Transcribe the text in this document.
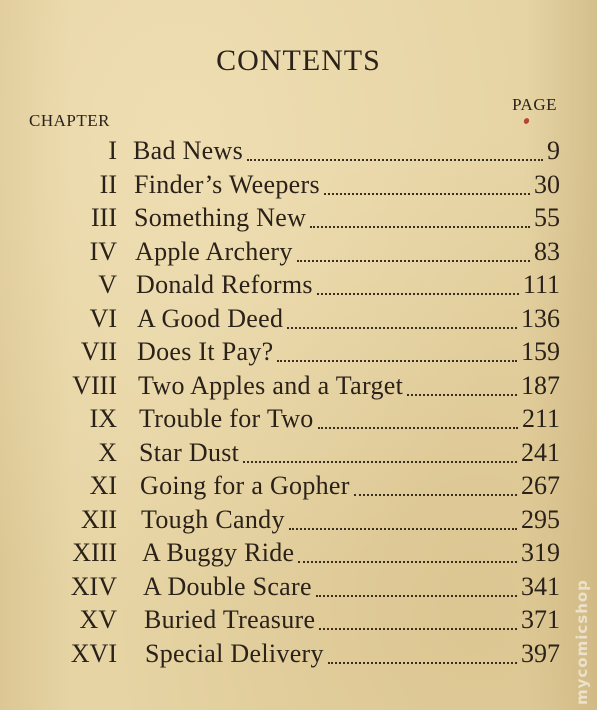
CONTENTS
CHAPTER
PAGE
I Bad News	9
II Finder’s Weepers	30
III Something New	55
IV Apple Archery	83
V Donald Reforms	111
VI A Good Deed	136
VII Does It Pay?	159
VIII Two Apples and a Target	187
IX Trouble for Two	211
X Star Dust	241
XI Going for a Gopher	267
XII Tough Candy	295
XIII A Buggy Ride	319
XIV A Double Scare	341
XV Buried Treasure	371
XVI Special Delivery	397 mycomicshop
